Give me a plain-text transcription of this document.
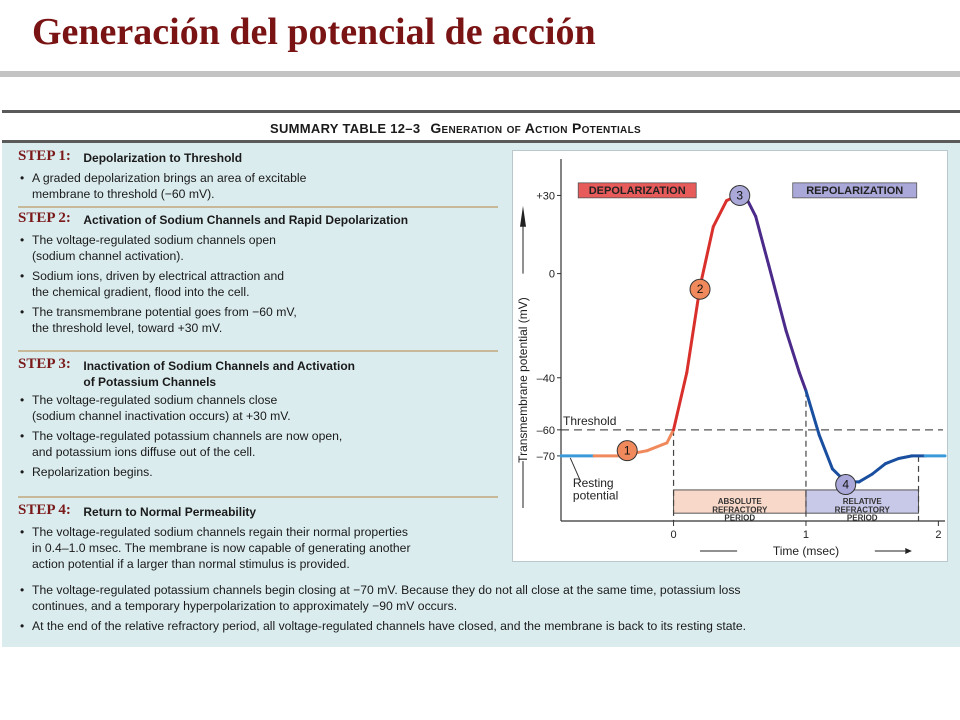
Generación del potencial de acción
SUMMARY TABLE 12–3 Generation of Action Potentials
STEP 1: Depolarization to Threshold
• A graded depolarization brings an area of excitable
membrane to threshold (−60 mV).
STEP 2: Activation of Sodium Channels and Rapid Depolarization
• The voltage-regulated sodium channels open
(sodium channel activation).
• Sodium ions, driven by electrical attraction and
the chemical gradient, flood into the cell.
• The transmembrane potential goes from −60 mV,
the threshold level, toward +30 mV.
STEP 3: Inactivation of Sodium Channels and Activation
of Potassium Channels
• The voltage-regulated sodium channels close
(sodium channel inactivation occurs) at +30 mV.
• The voltage-regulated potassium channels are now open,
and potassium ions diffuse out of the cell.
• Repolarization begins.
STEP 4: Return to Normal Permeability
• The voltage-regulated sodium channels regain their normal properties
in 0.4–1.0 msec. The membrane is now capable of generating another
action potential if a larger than normal stimulus is provided.
• The voltage-regulated potassium channels begin closing at −70 mV. Because they do not all close at the same time, potassium loss
continues, and a temporary hyperpolarization to approximately −90 mV occurs.
• At the end of the relative refractory period, all voltage-regulated channels have closed, and the membrane is back to its resting state.
ABSOLUTE REFRACTORY PERIOD
RELATIVE REFRACTORY PERIOD
Threshold
+30
0
–40
–60
–70
0	1	2
Time (msec)
Transmembrane potential (mV)
DEPOLARIZATION	REPOLARIZATION
1
2
3
4
Resting potential
